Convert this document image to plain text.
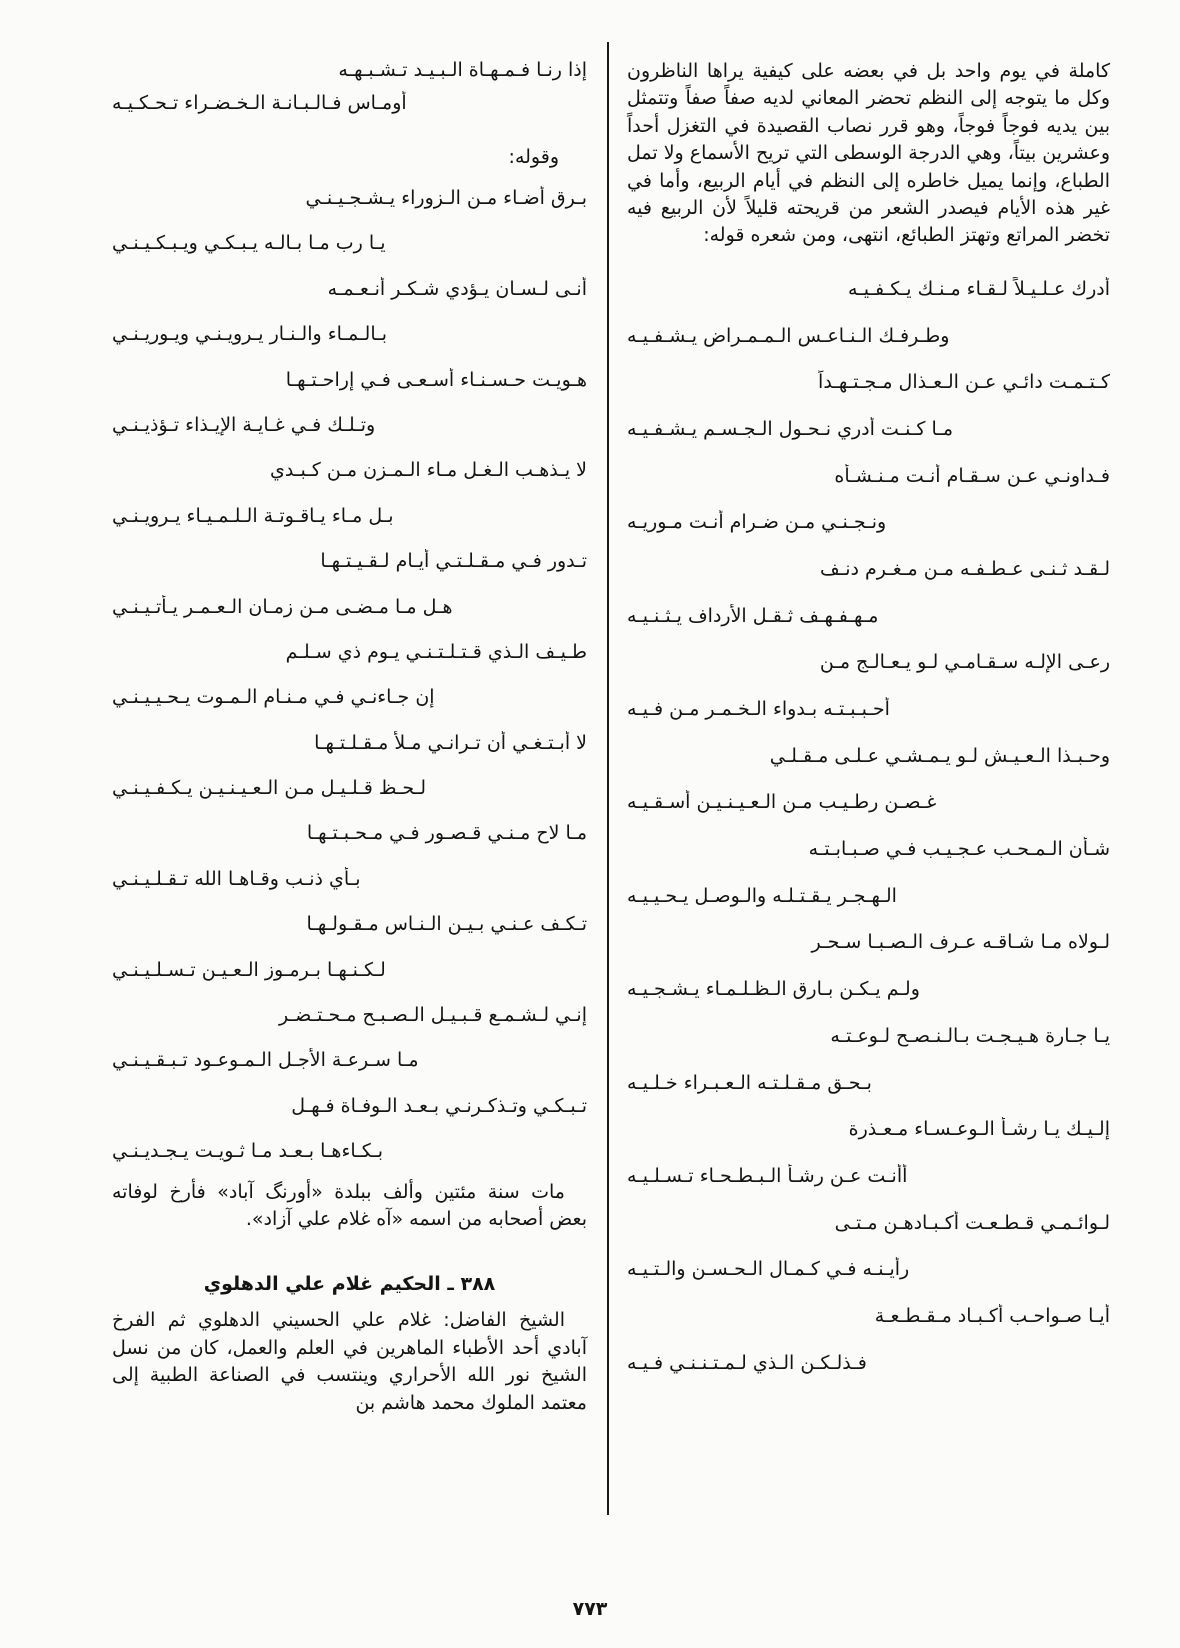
كاملة في يوم واحد بل في بعضه على كيفية يراها الناظرون وكل ما يتوجه إلى النظم تحضر المعاني لديه صفاً صفاً وتتمثل بين يديه فوجاً فوجاً، وهو قرر نصاب القصيدة في التغزل أحداً وعشرين بيتاً، وهي الدرجة الوسطى التي تريح الأسماع ولا تمل الطباع، وإنما يميل خاطره إلى النظم في أيام الربيع، وأما في غير هذه الأيام فيصدر الشعر من قريحته قليلاً لأن الربيع فيه تخضر المراتع وتهتز الطبائع، انتهى، ومن شعره قوله:

أدرك عـلـيـلاً لـقـاء مـنـك يـكـفـيـه

وطـرفـك الـنـاعـس الـمـمـراض يـشـفـيـه

كـتـمـت دائـي عـن الـعـذال مـجـتـهـداً

مـا كـنـت أدري نـحـول الـجـسـم يـشـفـيـه

فـداونـي عـن سـقـام أنـت مـنـشـأه

ونـجـنـي مـن ضـرام أنـت مـوريـه

لـقـد ثـنـى عـطـفـه مـن مـغـرم دنـف

مـهـفـهـف ثـقـل الأرداف يـثـنـيـه

رعـى الإلـه سـقـامـي لـو يـعـالـج مـن

أحـبـبـتـه بـدواء الـخـمـر مـن فـيـه

وحـبـذا الـعـيـش لـو يـمـشـي عـلـى مـقـلـي

غـصـن رطـيـب مـن الـعـيـنـيـن أسـقـيـه

شـأن الـمـحـب عـجـيـب فـي صـبـابـتـه

الـهـجـر يـقـتـلـه والـوصـل يـحـيـيـه

لـولاه مـا شـاقـه عـرف الـصـبـا سـحـر

ولـم يـكـن بـارق الـظـلـمـاء يـشـجـيـه

يـا جـارة هـيـجـت بـالـنـصـح لـوعـتـه

بـحـق مـقـلـتـه الـعـبـراء خـلـيـه

إلـيـك يـا رشـأ الـوعـسـاء مـعـذرة

أأنـت عـن رشـأ الـبـطـحـاء تـسـلـيـه

لـوائـمـي قـطـعـت أكـبـادهـن مـتـى

رأيـنـه فـي كـمـال الـحـسـن والـتـيـه

أيـا صـواحـب أكـبـاد مـقـطـعـة

فـذلـكـن الـذي لـمـتـنـنـي فـيـه

إذا رنـا فـمـهـاة الـبـيـد تـشـبـهـه

أومـاس فـالـبـانـة الـخـضـراء تـحـكـيـه

وقوله:

بـرق أضـاء مـن الـزوراء يـشـجـيـنـي

يـا رب مـا بـالـه يـبـكـي ويـبـكـيـنـي

أنـى لـسـان يـؤدي شـكـر أنـعـمـه

بـالـمـاء والـنـار يـرويـنـي ويـوريـنـي

هـويـت حـسـنـاء أسـعـى فـي إراحـتـهـا

وتـلـك فـي غـايـة الإيـذاء تـؤذيـنـي

لا يـذهـب الـغـل مـاء الـمـزن مـن كـبـدي

بـل مـاء يـاقـوتـة الـلـمـيـاء يـرويـنـي

تـدور فـي مـقـلـتـي أيـام لـقـيـتـهـا

هـل مـا مـضـى مـن زمـان الـعـمـر يـأتـيـنـي

طـيـف الـذي قـتـلـتـنـي يـوم ذي سـلـم

إن جـاءنـي فـي مـنـام الـمـوت يـحـيـيـنـي

لا أبـتـغـي أن تـرانـي مـلأ مـقـلـتـهـا

لـحـظ قـلـيـل مـن الـعـيـنـيـن يـكـفـيـنـي

مـا لاح مـنـي قـصـور فـي مـحـبـتـهـا

بـأي ذنـب وقـاهـا الله تـقـلـيـنـي

تـكـف عـنـي بـيـن الـنـاس مـقـولـهـا

لـكـنـهـا بـرمـوز الـعـيـن تـسـلـيـنـي

إنـي لـشـمـع قـبـيـل الـصـبـح مـحـتـضـر

مـا سـرعـة الأجـل الـمـوعـود تـبـقـيـنـي

تـبـكـي وتـذكـرنـي بـعـد الـوفـاة فـهـل

بـكـاءهـا بـعـد مـا ثـويـت يـجـديـنـي

مات سنة مئتين وألف ببلدة «أورنگ آباد» فأرخ لوفاته بعض أصحابه من اسمه «آه غلام علي آزاد».

٣٨٨ ـ الحكيم غلام علي الدهلوي

الشيخ الفاضل: غلام علي الحسيني الدهلوي ثم الفرخ آبادي أحد الأطباء الماهرين في العلم والعمل، كان من نسل الشيخ نور الله الأحراري وينتسب في الصناعة الطبية إلى معتمد الملوك محمد هاشم بن

٧٧٣
